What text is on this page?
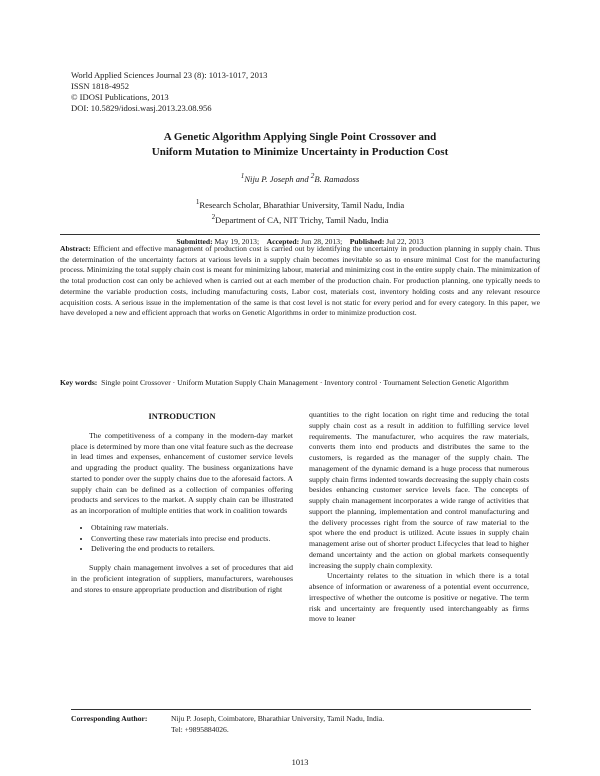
World Applied Sciences Journal 23 (8): 1013-1017, 2013
ISSN 1818-4952
© IDOSI Publications, 2013
DOI: 10.5829/idosi.wasj.2013.23.08.956
A Genetic Algorithm Applying Single Point Crossover and
Uniform Mutation to Minimize Uncertainty in Production Cost
$^1$Niju P. Joseph and $^2$B. Ramadoss
$^1$Research Scholar, Bharathiar University, Tamil Nadu, India
$^2$Department of CA, NIT Trichy, Tamil Nadu, India
Submitted: May 19, 2013; Accepted: Jun 28, 2013; Published: Jul 22, 2013
Abstract: Efficient and effective management of production cost is carried out by identifying the uncertainty in production planning in supply chain. Thus the determination of the uncertainty factors at various levels in a supply chain becomes inevitable so as to ensure minimal Cost for the manufacturing process. Minimizing the total supply chain cost is meant for minimizing labour, material and minimizing cost in the entire supply chain. The minimization of the total production cost can only be achieved when is carried out at each member of the production chain. For production planning, one typically needs to determine the variable production costs, including manufacturing costs, Labor cost, materials cost, inventory holding costs and any relevant resource acquisition costs. A serious issue in the implementation of the same is that cost level is not static for every period and for every category. In this paper, we have developed a new and efficient approach that works on Genetic Algorithms in order to minimize production cost.
Key words: Single point Crossover · Uniform Mutation Supply Chain Management · Inventory control · Tournament Selection Genetic Algorithm
INTRODUCTION

The competitiveness of a company in the modern-day market place is determined by more than one vital feature such as the decrease in lead times and expenses, enhancement of customer service levels and upgrading the product quality. The business organizations have started to ponder over the supply chains due to the aforesaid factors. A supply chain can be defined as a collection of companies offering products and services to the market. A supply chain can be illustrated as an incorporation of multiple entities that work in coalition towards

• Obtaining raw materials.
• Converting these raw materials into precise end products.
• Delivering the end products to retailers.

Supply chain management involves a set of procedures that aid in the proficient integration of suppliers, manufacturers, warehouses and stores to ensure appropriate production and distribution of right

quantities to the right location on right time and reducing the total supply chain cost as a result in addition to fulfilling service level requirements. The manufacturer, who acquires the raw materials, converts them into end products and distributes the same to the customers, is regarded as the manager of the supply chain. The management of the dynamic demand is a huge process that numerous supply chain firms indented towards decreasing the supply chain costs besides enhancing customer service levels face. The concepts of supply chain management incorporates a wide range of activities that support the planning, implementation and control manufacturing and the delivery processes right from the source of raw material to the spot where the end product is utilized. Acute issues in supply chain management arise out of shorter product Lifecycles that lead to higher demand uncertainty and the action on global markets consequently increasing the supply chain complexity.

Uncertainty relates to the situation in which there is a total absence of information or awareness of a potential event occurrence, irrespective of whether the outcome is positive or negative. The term risk and uncertainty are frequently used interchangeably as firms move to leaner

Corresponding Author:	Niju P. Joseph, Coimbatore, Bharathiar University, Tamil Nadu, India.
Tel: +9895884026.
1013
